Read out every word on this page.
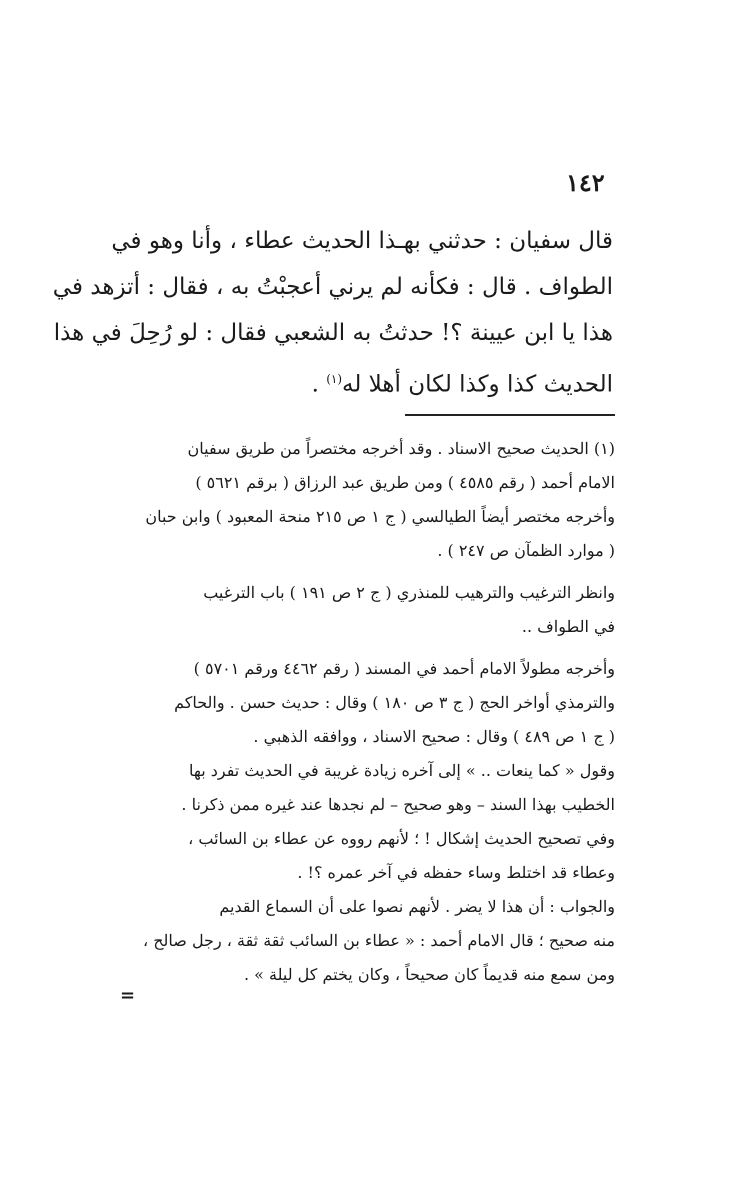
١٤٢
قال سفيان : حدثني بهـذا الحديث عطاء ، وأنا وهو في
الطواف . قال : فكأنه لم يرني أعجبْتُ به ، فقال : أتزهد في
هذا يا ابن عيينة ؟! حدثتُ به الشعبي فقال : لو رُحِلَ في هذا
الحديث كذا وكذا لكان أهلا له$^{(١)}$ .
(١) الحديث صحيح الاسناد . وقد أخرجه مختصراً من طريق سفيان
الامام أحمد ( رقم ٤٥٨٥ ) ومن طريق عبد الرزاق ( برقم ٥٦٢١ )
وأخرجه مختصر أيضاً الطيالسي ( ج ١ ص ٢١٥ منحة المعبود ) وابن حبان
( موارد الظمآن ص ٢٤٧ ) .
وانظر الترغيب والترهيب للمنذري ( ج ٢ ص ١٩١ ) باب الترغيب
في الطواف ..
وأخرجه مطولاً الامام أحمد في المسند ( رقم ٤٤٦٢ ورقم ٥٧٠١ )
والترمذي أواخر الحج ( ج ٣ ص ١٨٠ ) وقال : حديث حسن . والحاكم
( ج ١ ص ٤٨٩ ) وقال : صحيح الاسناد ، ووافقه الذهبي .
وقول « كما ينعات .. » إلى آخره زيادة غريبة في الحديث تفرد بها
الخطيب بهذا السند – وهو صحيح – لم نجدها عند غيره ممن ذكرنا .
وفي تصحيح الحديث إشكال ! ؛ لأنهم رووه عن عطاء بن السائب ،
وعطاء قد اختلط وساء حفظه في آخر عمره ؟! .
والجواب : أن هذا لا يضر . لأنهم نصوا على أن السماع القديم
منه صحيح ؛ قال الامام أحمد : « عطاء بن السائب ثقة ثقة ، رجل صالح ،
ومن سمع منه قديماً كان صحيحاً ، وكان يختم كل ليلة » .
=
